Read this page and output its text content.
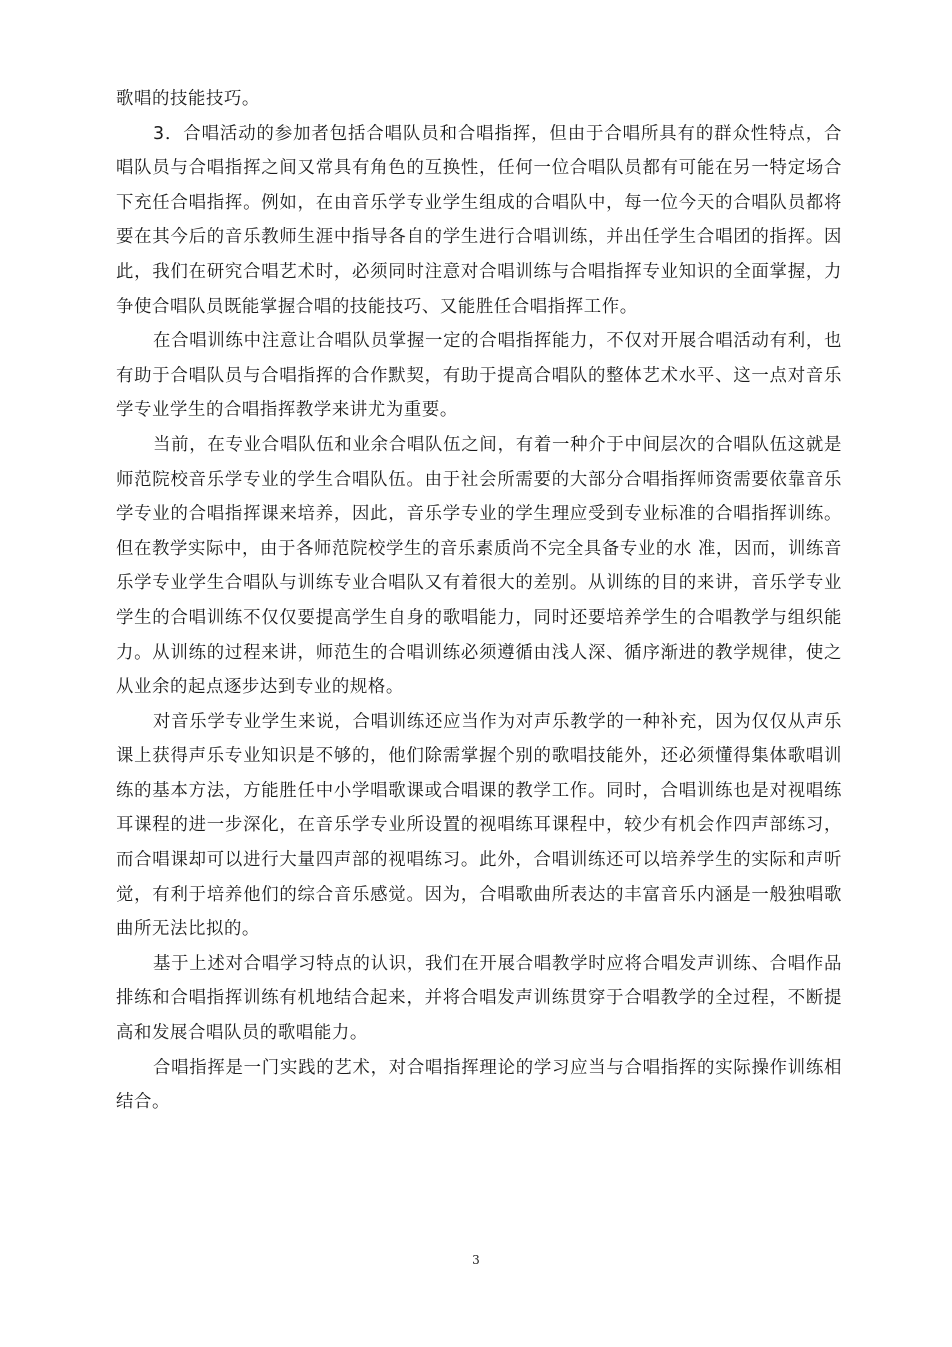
歌唱的技能技巧。

3．合唱活动的参加者包括合唱队员和合唱指挥，但由于合唱所具有的群众性特点，合唱队员与合唱指挥之间又常具有角色的互换性，任何一位合唱队员都有可能在另一特定场合下充任合唱指挥。例如，在由音乐学专业学生组成的合唱队中，每一位今天的合唱队员都将要在其今后的音乐教师生涯中指导各自的学生进行合唱训练，并出任学生合唱团的指挥。因此，我们在研究合唱艺术时，必须同时注意对合唱训练与合唱指挥专业知识的全面掌握，力争使合唱队员既能掌握合唱的技能技巧、又能胜任合唱指挥工作。

在合唱训练中注意让合唱队员掌握一定的合唱指挥能力，不仅对开展合唱活动有利，也有助于合唱队员与合唱指挥的合作默契，有助于提高合唱队的整体艺术水平、这一点对音乐学专业学生的合唱指挥教学来讲尤为重要。

当前，在专业合唱队伍和业余合唱队伍之间，有着一种介于中间层次的合唱队伍这就是师范院校音乐学专业的学生合唱队伍。由于社会所需要的大部分合唱指挥师资需要依靠音乐学专业的合唱指挥课来培养，因此，音乐学专业的学生理应受到专业标准的合唱指挥训练。但在教学实际中，由于各师范院校学生的音乐素质尚不完全具备专业的水 准，因而，训练音乐学专业学生合唱队与训练专业合唱队又有着很大的差别。从训练的目的来讲，音乐学专业学生的合唱训练不仅仅要提高学生自身的歌唱能力，同时还要培养学生的合唱教学与组织能力。从训练的过程来讲，师范生的合唱训练必须遵循由浅人深、循序渐进的教学规律，使之从业余的起点逐步达到专业的规格。

对音乐学专业学生来说，合唱训练还应当作为对声乐教学的一种补充，因为仅仅从声乐课上获得声乐专业知识是不够的，他们除需掌握个别的歌唱技能外，还必须懂得集体歌唱训练的基本方法，方能胜任中小学唱歌课或合唱课的教学工作。同时，合唱训练也是对视唱练耳课程的进一步深化，在音乐学专业所设置的视唱练耳课程中，较少有机会作四声部练习，而合唱课却可以进行大量四声部的视唱练习。此外，合唱训练还可以培养学生的实际和声听觉，有利于培养他们的综合音乐感觉。因为，合唱歌曲所表达的丰富音乐内涵是一般独唱歌曲所无法比拟的。

基于上述对合唱学习特点的认识，我们在开展合唱教学时应将合唱发声训练、合唱作品排练和合唱指挥训练有机地结合起来，并将合唱发声训练贯穿于合唱教学的全过程，不断提高和发展合唱队员的歌唱能力。

合唱指挥是一门实践的艺术，对合唱指挥理论的学习应当与合唱指挥的实际操作训练相结合。

3
